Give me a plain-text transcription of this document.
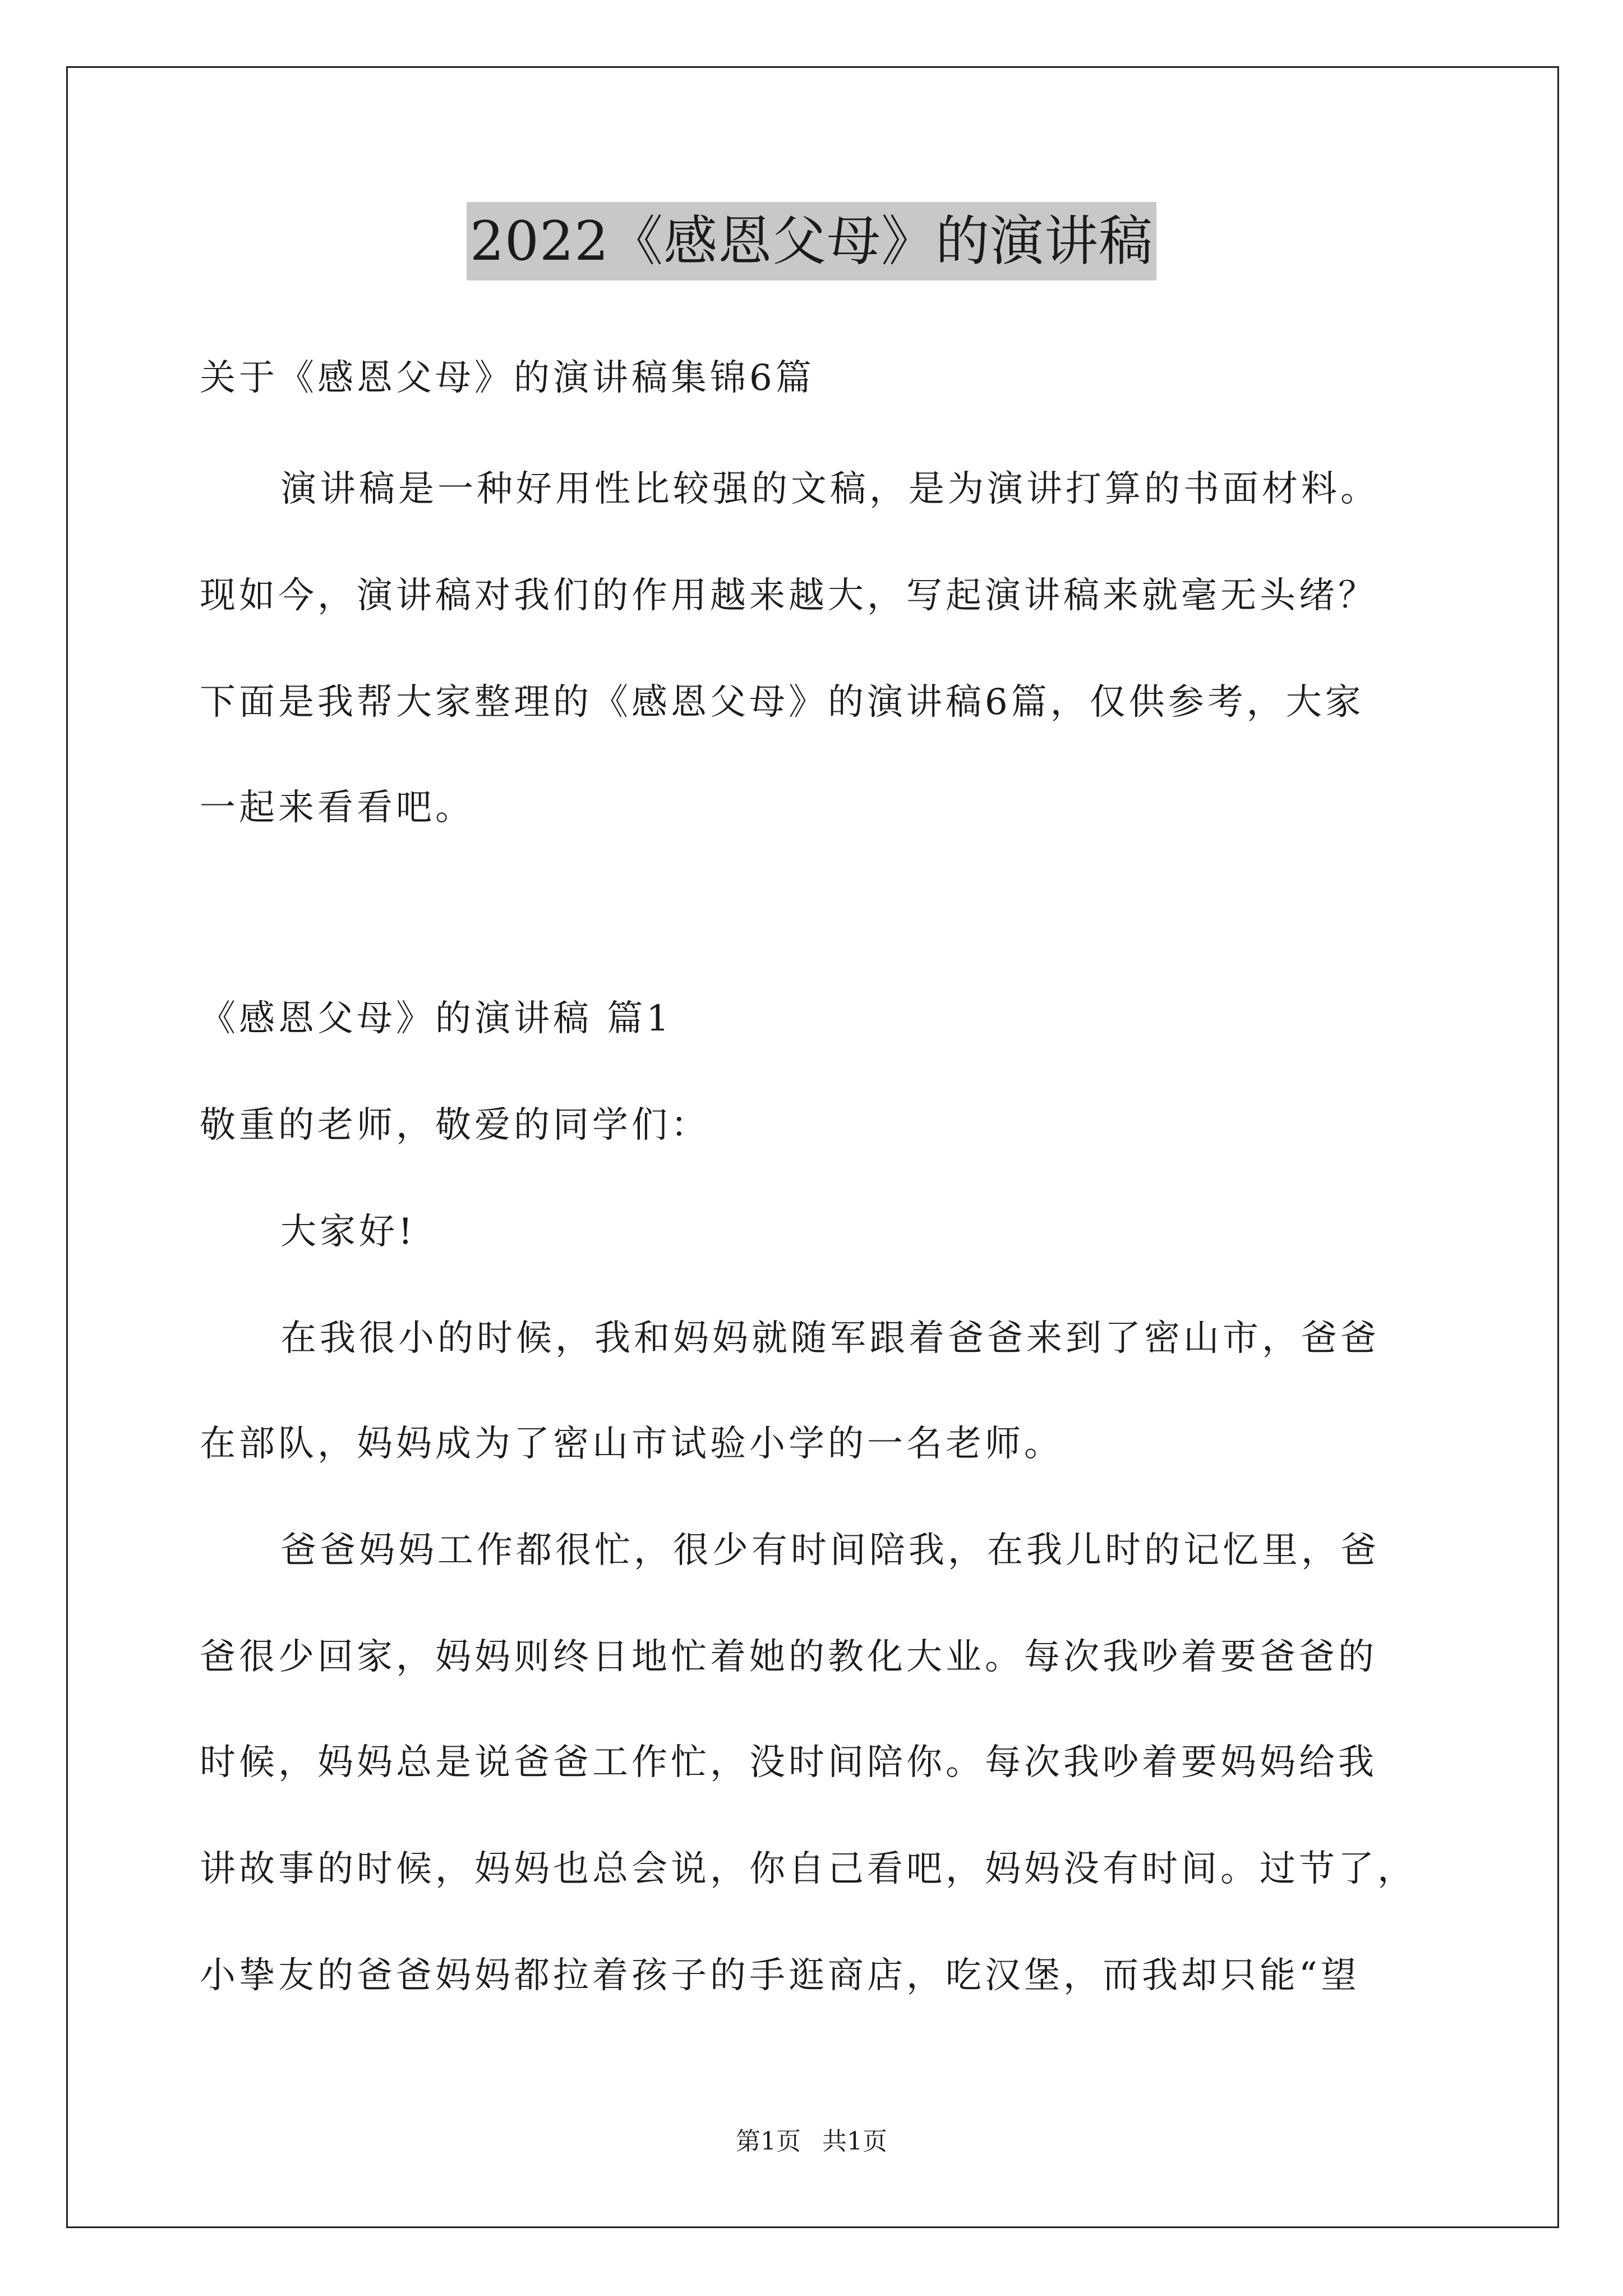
2022《感恩父母》的演讲稿
关于《感恩父母》的演讲稿集锦6篇
演讲稿是一种好用性比较强的文稿，是为演讲打算的书面材料。
现如今，演讲稿对我们的作用越来越大，写起演讲稿来就毫无头绪？
下面是我帮大家整理的《感恩父母》的演讲稿6篇，仅供参考，大家
一起来看看吧。
《感恩父母》的演讲稿 篇1
敬重的老师，敬爱的同学们：
大家好!
在我很小的时候，我和妈妈就随军跟着爸爸来到了密山市，爸爸
在部队，妈妈成为了密山市试验小学的一名老师。
爸爸妈妈工作都很忙，很少有时间陪我，在我儿时的记忆里，爸
爸很少回家，妈妈则终日地忙着她的教化大业。每次我吵着要爸爸的
时候，妈妈总是说爸爸工作忙，没时间陪你。每次我吵着要妈妈给我
讲故事的时候，妈妈也总会说，你自己看吧，妈妈没有时间。过节了，
小挚友的爸爸妈妈都拉着孩子的手逛商店，吃汉堡，而我却只能“望
第1页 共1页
